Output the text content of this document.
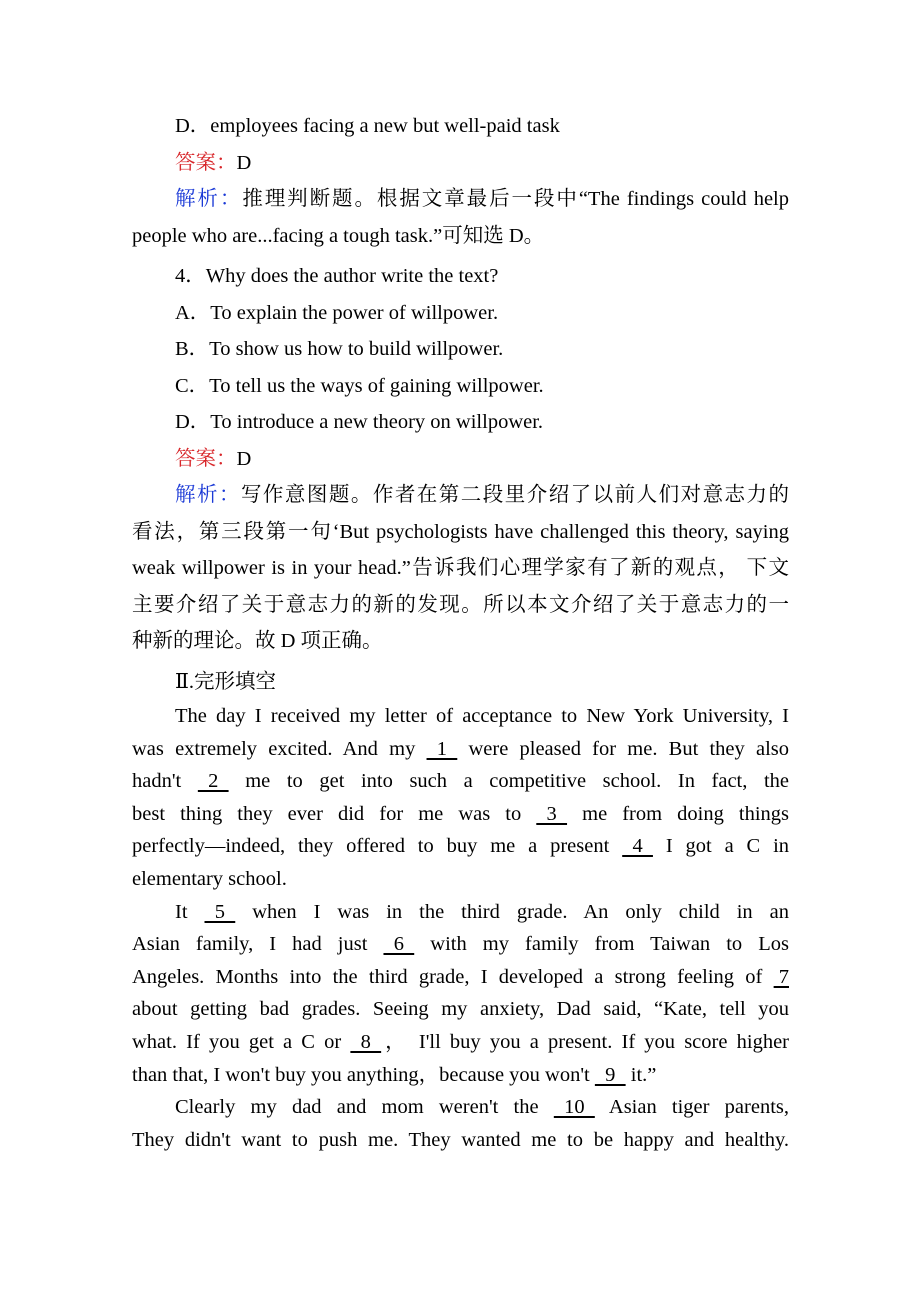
D．employees facing a new but well-paid task
答案：D
解析：推理判断题。根据文章最后一段中“The findings could help
people who are...facing a tough task.”可知选 D。
4．Why does the author write the text?
A．To explain the power of willpower.
B．To show us how to build willpower.
C．To tell us the ways of gaining willpower.
D．To introduce a new theory on willpower.
答案：D
解析：写作意图题。作者在第二段里介绍了以前人们对意志力的
看法，第三段第一句‘But psychologists have challenged this theory, saying
weak willpower is in your head.”告诉我们心理学家有了新的观点， 下文
主要介绍了关于意志力的新的发现。所以本文介绍了关于意志力的一
种新的理论。故 D 项正确。
Ⅱ.完形填空
The day I received my letter of acceptance to New York University, I
was extremely excited. And my   1   were pleased for me. But they also
hadn't   2   me to get into such a competitive school. In fact, the
best thing they ever did for me was to   3   me from doing things
perfectly—indeed, they offered to buy me a present   4   I got a C in
elementary school.
It   5   when I was in the third grade. An only child in an
Asian family, I had just   6   with my family from Taiwan to Los
Angeles. Months into the third grade, I developed a strong feeling of  7
about getting bad grades. Seeing my anxiety, Dad said, “Kate, tell you
what. If you get a C or   8  ， I'll buy you a present. If you score higher
than that, I won't buy you anything，because you won't   9   it.”
Clearly my dad and mom weren't the   10   Asian tiger parents,
They didn't want to push me. They wanted me to be happy and healthy.
